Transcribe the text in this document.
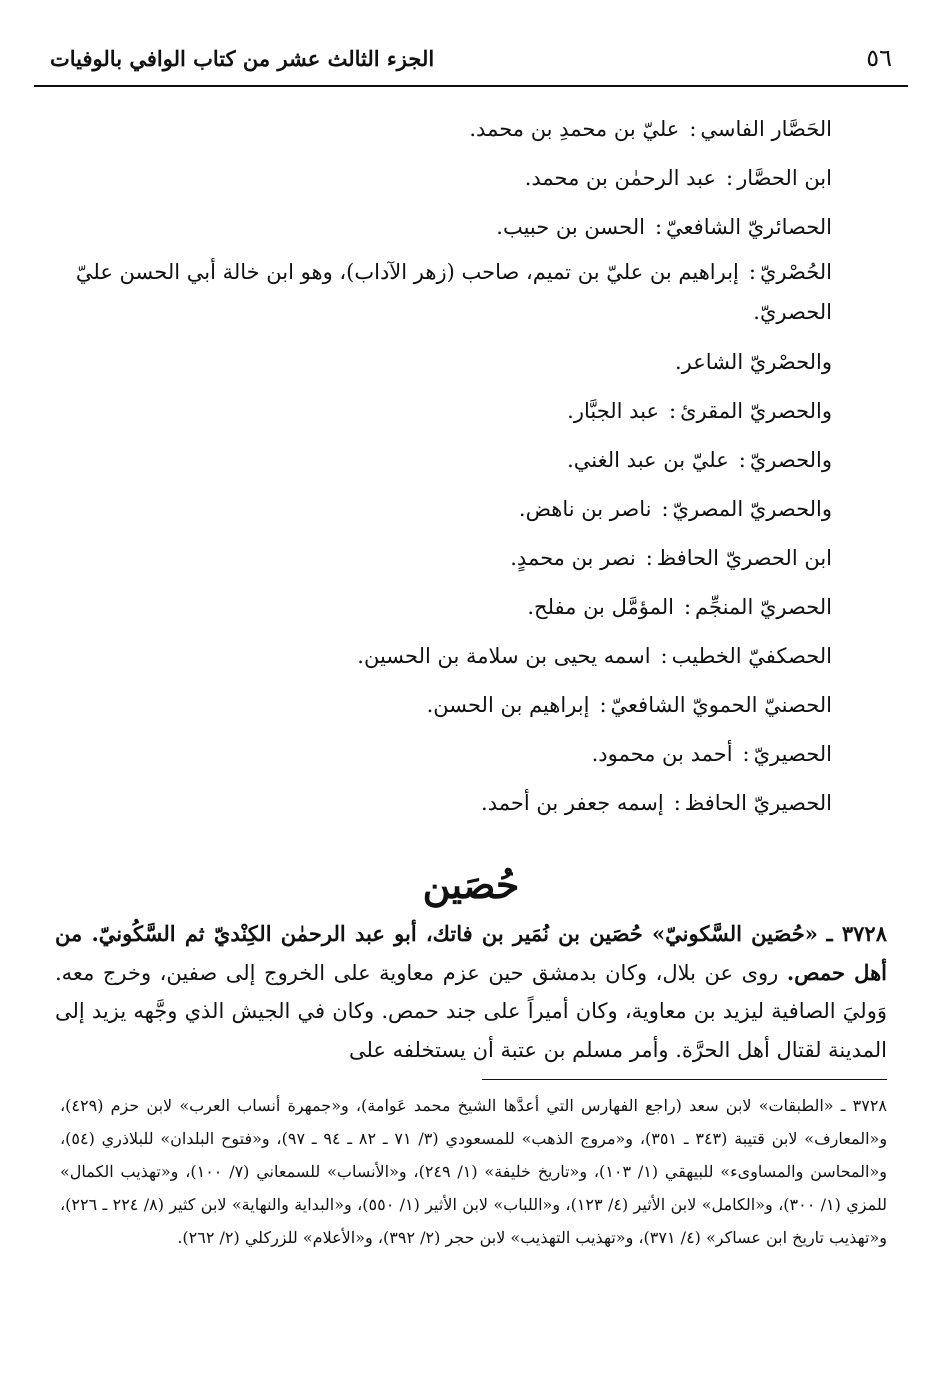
٥٦
الجزء الثالث عشر من كتاب الوافي بالوفيات
الحَصَّار الفاسي:عليّ بن محمدِ بن محمد.
ابن الحصَّار:عبد الرحمٰن بن محمد.
الحصائريّ الشافعيّ:الحسن بن حبيب.
الحُصْريّ:إبراهيم بن عليّ بن تميم، صاحب (زهر الآداب)، وهو ابن خالة أبي الحسن عليّ الحصريّ.
والحصْريّ الشاعر.
والحصريّ المقرئ:عبد الجبَّار.
والحصريّ:عليّ بن عبد الغني.
والحصريّ المصريّ:ناصر بن ناهض.
ابن الحصريّ الحافظ:نصر بن محمدٍ.
الحصريّ المنجِّم:المؤمَّل بن مفلح.
الحصكفيّ الخطيب:اسمه يحيى بن سلامة بن الحسين.
الحصنيّ الحمويّ الشافعيّ:إبراهيم بن الحسن.
الحصيريّ:أحمد بن محمود.
الحصيريّ الحافظ:إسمه جعفر بن أحمد.
حُصَين
٣٧٢٨ ـ «حُصَين السَّكونيّ» حُصَين بن نُمَير بن فاتك، أبو عبد الرحمٰن الكِنْديّ ثم السَّكُونيّ. من أهل حمص. روى عن بلال، وكان بدمشق حين عزم معاوية على الخروج إلى صفين، وخرج معه. وَوليَ الصافية ليزيد بن معاوية، وكان أميراً على جند حمص. وكان في الجيش الذي وجَّهه يزيد إلى المدينة لقتال أهل الحرَّة. وأمر مسلم بن عتبة أن يستخلفه على
٣٧٢٨ ـ «الطبقات» لابن سعد (راجع الفهارس التي أعدَّها الشيخ محمد عَوامة)، و«جمهرة أنساب العرب» لابن حزم (٤٢٩)، و«المعارف» لابن قتيبة (٣٤٣ ـ ٣٥١)، و«مروج الذهب» للمسعودي (٣/ ٧١ ـ ٨٢ ـ ٩٤ ـ ٩٧)، و«فتوح البلدان» للبلاذري (٥٤)، و«المحاسن والمساوىء» للبيهقي (١/ ١٠٣)، و«تاريخ خليفة» (١/ ٢٤٩)، و«الأنساب» للسمعاني (٧/ ١٠٠)، و«تهذيب الكمال» للمزي (١/ ٣٠٠)، و«الكامل» لابن الأثير (٤/ ١٢٣)، و«اللباب» لابن الأثير (١/ ٥٥٠)، و«البداية والنهاية» لابن كثير (٨/ ٢٢٤ ـ ٢٢٦)، و«تهذيب تاريخ ابن عساكر» (٤/ ٣٧١)، و«تهذيب التهذيب» لابن حجر (٢/ ٣٩٢)، و«الأعلام» للزركلي (٢/ ٢٦٢).
